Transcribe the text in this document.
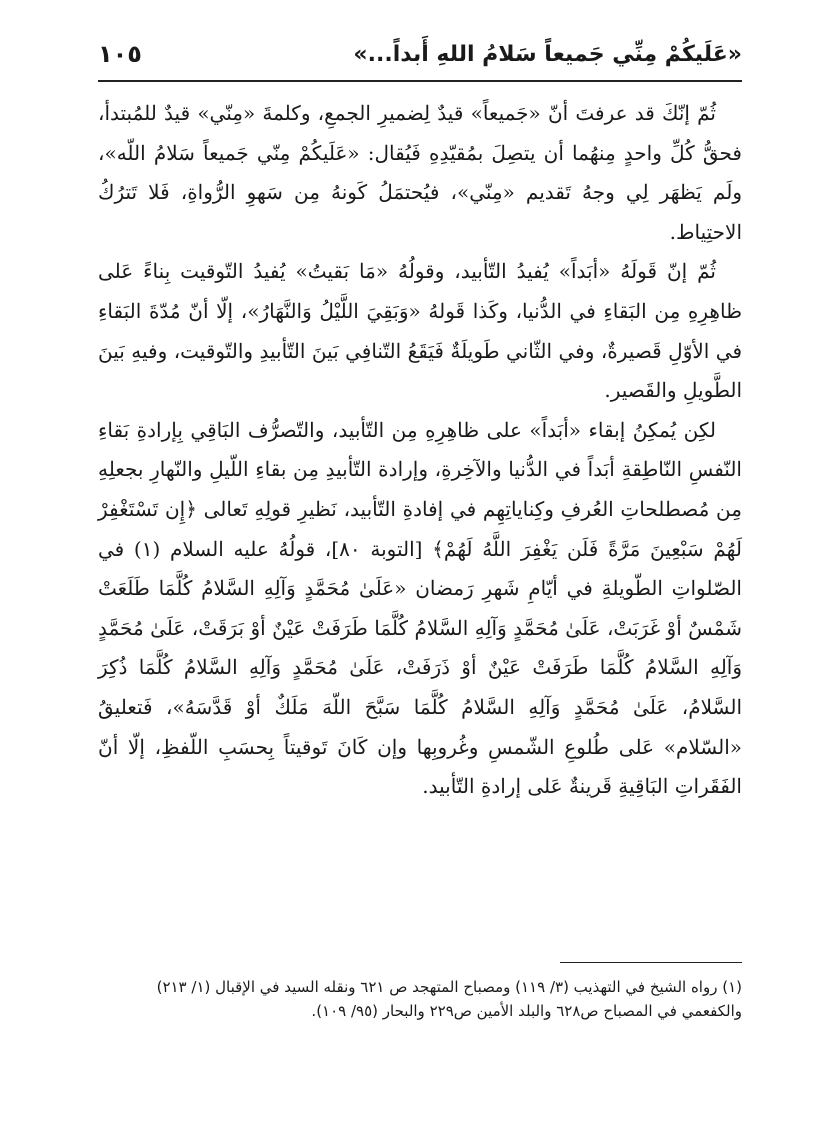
«عَلَيكُمْ مِنِّي جَميعاً سَلامُ اللهِ أَبداً...»
١٠٥

ثُمّ إنّكَ قد عرفتَ أنّ «جَميعاً» قيدٌ لِضميرِ الجمعِ، وكلمةَ «مِنّي» قيدٌ للمُبتدأ، فحقُّ كُلِّ واحدٍ مِنهُما أن يتصِلَ بمُقيّدِهِ فَيُقال: «عَلَيكُمْ مِنّي جَميعاً سَلامُ اللّه»، ولَم يَظهَر لِي وجهُ تَقديم «مِنّي»، فيُحتمَلُ كَونهُ مِن سَهوِ الرُّواةِ، فَلا تَترُكُ الاحتِياط.

ثُمّ إنّ قَولَهُ «أبَداً» يُفيدُ التّأبيد، وقولُهُ «مَا بَقيتُ» يُفيدُ التّوقيت بِناءً عَلى ظاهِرِهِ مِن البَقاءِ في الدُّنيا، وكَذا قَولهُ «وَبَقِيَ اللَّيْلُ وَالنَّهَارُ»، إلّا أنّ مُدّةَ البَقاءِ في الأوّلِ قَصيرةٌ، وفي الثّاني طَويلَةٌ فَيَقَعُ التّنافِي بَينَ التّأبيدِ والتّوقيت، وفيهِ بَينَ الطَّويلِ والقَصير.

لكِن يُمكِنُ إبقاء «أبَداً» على ظاهِرِهِ مِن التّأبيد، والتّصرُّف البَاقِي بِإرادةِ بَقاءِ النّفسِ النّاطِقةِ أبَداً في الدُّنيا والآخِرةِ، وإرادة التّأبيدِ مِن بقاءِ اللّيلِ والنّهارِ بجعلِهِ مِن مُصطلحاتِ العُرفِ وكِناياتِهِم في إفادةِ التّأبيد، نَظيرِ قولِهِ تَعالى ﴿إِن تَسْتَغْفِرْ لَهُمْ سَبْعِينَ مَرَّةً فَلَن يَغْفِرَ اللَّهُ لَهُمْ﴾ [التوبة ٨٠]، قولُهُ عليه السلام (١) في الصّلواتِ الطّويلةِ في أيّامِ شَهرِ رَمضان «عَلَىٰ مُحَمَّدٍ وَآلِهِ السَّلامُ كُلَّمَا طَلَعَتْ شَمْسٌ أوْ غَرَبَتْ، عَلَىٰ مُحَمَّدٍ وَآلِهِ السَّلامُ كُلَّمَا طَرَفَتْ عَيْنٌ أوْ بَرَقَتْ، عَلَىٰ مُحَمَّدٍ وَآلِهِ السَّلامُ كُلَّمَا طَرَفَتْ عَيْنٌ أوْ ذَرَفَتْ، عَلَىٰ مُحَمَّدٍ وَآلِهِ السَّلامُ كُلَّمَا ذُكِرَ السَّلامُ، عَلَىٰ مُحَمَّدٍ وَآلِهِ السَّلامُ كُلَّمَا سَبَّحَ اللّهَ مَلَكٌ أوْ قَدَّسَهُ»، فَتعليقُ «السّلام» عَلى طُلوعِ الشّمسِ وغُروبِها وإن كَانَ تَوقيتاً بِحسَبِ اللّفظِ، إلّا أنّ الفَقَراتِ البَاقِيةِ قَرينةٌ عَلى إرادةِ التّأبيد.

(١) رواه الشيخ في التهذيب (٣/ ١١٩) ومصباح المتهجد ص ٦٢١ ونقله السيد في الإقبال (١/ ٢١٣) والكفعمي في المصباح ص٦٢٨ والبلد الأمين ص٢٢٩ والبحار (٩٥/ ١٠٩).
